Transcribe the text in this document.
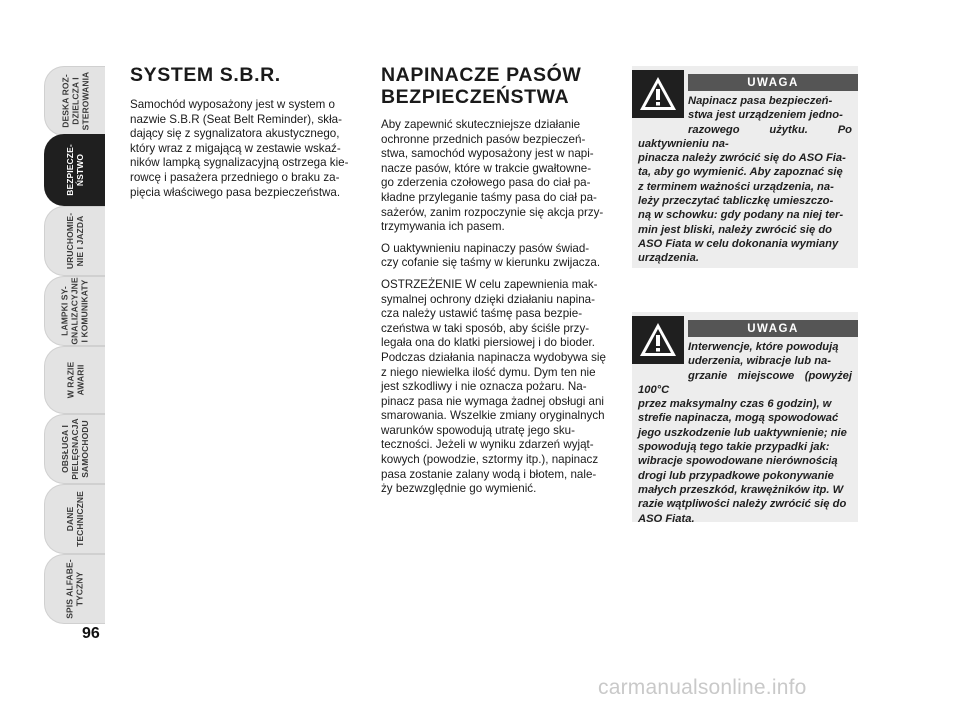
DESKA ROZ-
DZIELCZA I
STEROWANIA
BEZPIECZE-
ŃSTWO
URUCHOMIE-
NIE I JAZDA
LAMPKI SY-
GNALIZACYJNE
I KOMUNIKATY
W RAZIE
AWARII
OBSŁUGA I
PIELĘGNACJA
SAMOCHODU
DANE
TECHNICZNE
SPIS ALFABE-
TYCZNY
96
SYSTEM S.B.R.

Samochód wyposażony jest w system o
nazwie S.B.R (Seat Belt Reminder), skła-
dający się z sygnalizatora akustycznego,
który wraz z migającą w zestawie wskaź-
ników lampką sygnalizacyjną ostrzega kie-
rowcę i pasażera przedniego o braku za-
pięcia właściwego pasa bezpieczeństwa.

NAPINACZE PASÓW
BEZPIECZEŃSTWA

Aby zapewnić skuteczniejsze działanie
ochronne przednich pasów bezpieczeń-
stwa, samochód wyposażony jest w napi-
nacze pasów, które w trakcie gwałtowne-
go zderzenia czołowego pasa do ciał pa-
kładne przyleganie taśmy pasa do ciał pa-
sażerów, zanim rozpoczynie się akcja przy-
trzymywania ich pasem.

O uaktywnieniu napinaczy pasów świad-
czy cofanie się taśmy w kierunku zwijacza.

OSTRZEŻENIE W celu zapewnienia mak-
symalnej ochrony dzięki działaniu napina-
cza należy ustawić taśmę pasa bezpie-
czeństwa w taki sposób, aby ściśle przy-
legała ona do klatki piersiowej i do bioder.
Podczas działania napinacza wydobywa się
z niego niewielka ilość dymu. Dym ten nie
jest szkodliwy i nie oznacza pożaru. Na-
pinacz pasa nie wymaga żadnej obsługi ani
smarowania. Wszelkie zmiany oryginalnych
warunków spowodują utratę jego sku-
teczności. Jeżeli w wyniku zdarzeń wyjąt-
kowych (powodzie, sztormy itp.), napinacz
pasa zostanie zalany wodą i błotem, nale-
ży bezwzględnie go wymienić.

UWAGA
Napinacz pasa bezpieczeń-
stwa jest urządzeniem jedno-
razowego użytku. Po uaktywnieniu na-
pinacza należy zwrócić się do ASO Fia-
ta, aby go wymienić. Aby zapoznać się
z terminem ważności urządzenia, na-
leży przeczytać tabliczkę umieszczo-
ną w schowku: gdy podany na niej ter-
min jest bliski, należy zwrócić się do
ASO Fiata w celu dokonania wymiany
urządzenia.
UWAGA
Interwencje, które powodują
uderzenia, wibracje lub na-
grzanie miejscowe (powyżej 100°C
przez maksymalny czas 6 godzin), w
strefie napinacza, mogą spowodować
jego uszkodzenie lub uaktywnienie; nie
spowodują tego takie przypadki jak:
wibracje spowodowane nierównością
drogi lub przypadkowe pokonywanie
małych przeszkód, krawężników itp. W
razie wątpliwości należy zwrócić się do
ASO Fiata.
carmanualsonline.info
